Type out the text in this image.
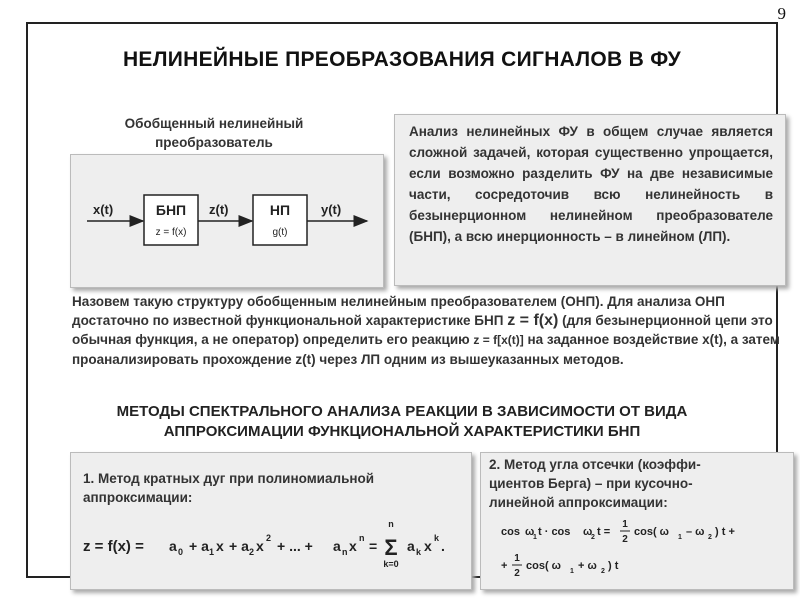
9
НЕЛИНЕЙНЫЕ ПРЕОБРАЗОВАНИЯ СИГНАЛОВ В ФУ
Обобщенный нелинейный
преобразователь
x(t)	БНП
z = f(x)
z(t)	НП
g(t)
y(t)
Анализ нелинейных ФУ в общем случае является сложной задачей, которая существенно упрощается, если возможно разделить ФУ на две независимые части, сосредоточив всю нелинейность в безынерционном нелинейном преобразователе (БНП), а всю инерционность – в линейном (ЛП).

Назовем такую структуру обобщенным нелинейным преобразователем (ОНП). Для анализа ОНП достаточно по известной функциональной характеристике БНП z = f(x) (для безынерционной цепи это обычная функция, а не оператор) определить его реакцию z = f[x(t)] на заданное воздействие x(t), а затем проанализировать прохождение z(t) через ЛП одним из вышеуказанных методов.

МЕТОДЫ СПЕКТРАЛЬНОГО АНАЛИЗА РЕАКЦИИ В ЗАВИСИМОСТИ ОТ ВИДА
АППРОКСИМАЦИИ ФУНКЦИОНАЛЬНОЙ ХАРАКТЕРИСТИКИ БНП
1. Метод кратных дуг при полиномиальной
аппроксимации:
z = f(x) = a 0 + a 1 x + a 2 x 2 + ... + a n x n =
n
Σ
k=0
a k x k .
2. Метод угла отсечки (коэффи-
циентов Берга) – при кусочно-
линейной аппроксимации:
cos ω
1 t · cos ω
2 t =
1
2
cos( ω 1 – ω 2 ) t +
+
1
2
cos( ω 1 + ω 2 ) t
